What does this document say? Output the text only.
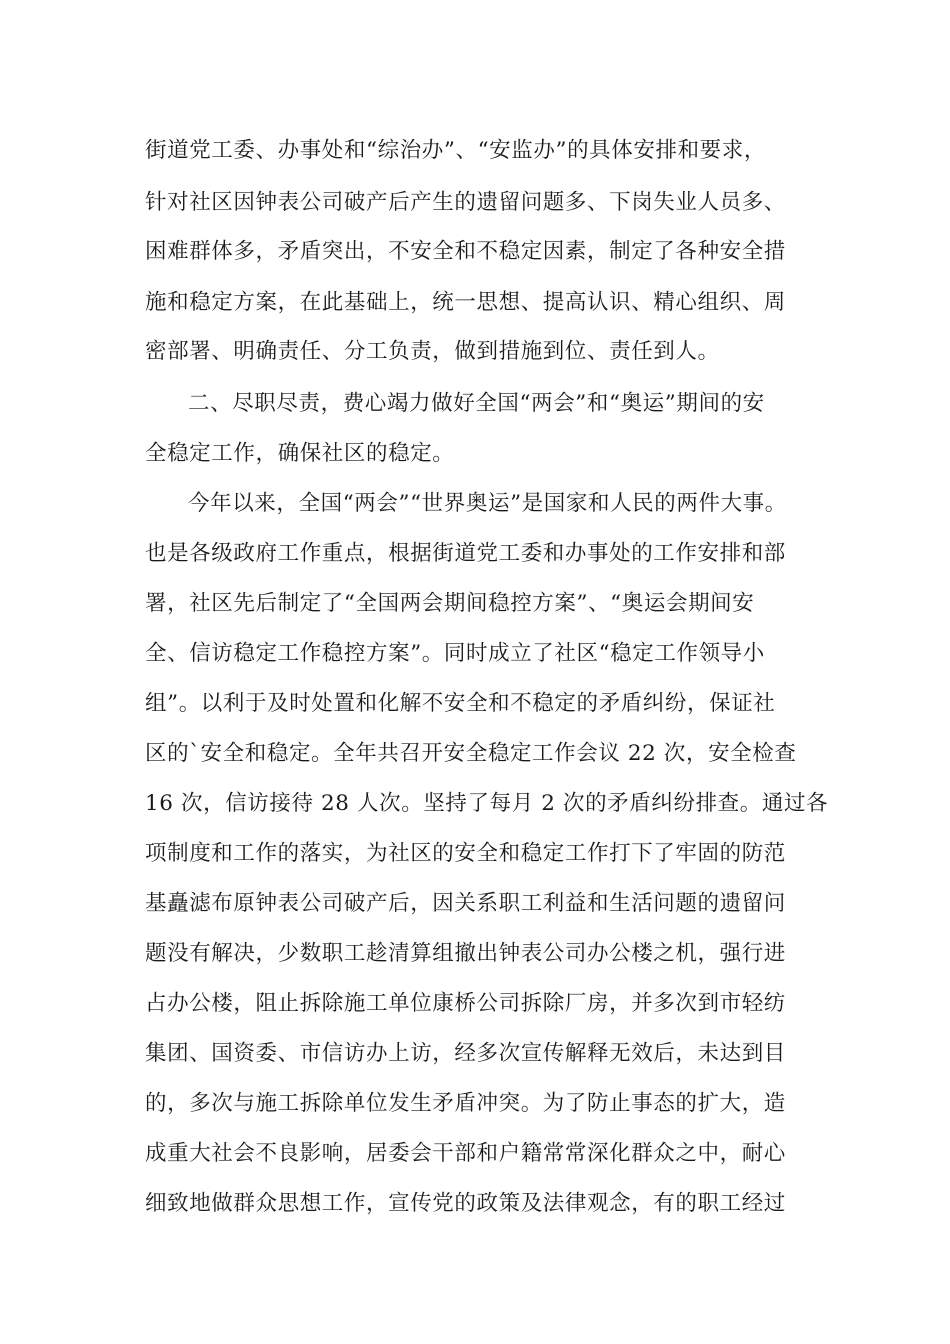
街道党工委、办事处和“综治办”、“安监办”的具体安排和要求，
针对社区因钟表公司破产后产生的遗留问题多、下岗失业人员多、
困难群体多，矛盾突出，不安全和不稳定因素，制定了各种安全措
施和稳定方案，在此基础上，统一思想、提高认识、精心组织、周
密部署、明确责任、分工负责，做到措施到位、责任到人。
二、尽职尽责，费心竭力做好全国“两会”和“奥运”期间的安
全稳定工作，确保社区的稳定。
今年以来，全国“两会”“世界奥运”是国家和人民的两件大事。
也是各级政府工作重点，根据街道党工委和办事处的工作安排和部
署，社区先后制定了“全国两会期间稳控方案”、“奥运会期间安
全、信访稳定工作稳控方案”。同时成立了社区“稳定工作领导小
组”。以利于及时处置和化解不安全和不稳定的矛盾纠纷，保证社
区的`安全和稳定。全年共召开安全稳定工作会议 22 次，安全检查
16 次，信访接待 28 人次。坚持了每月 2 次的矛盾纠纷排查。通过各
项制度和工作的落实，为社区的安全和稳定工作打下了牢固的防范
基矗滤布原钟表公司破产后，因关系职工利益和生活问题的遗留问
题没有解决，少数职工趁清算组撤出钟表公司办公楼之机，强行进
占办公楼，阻止拆除施工单位康桥公司拆除厂房，并多次到市轻纺
集团、国资委、市信访办上访，经多次宣传解释无效后，未达到目
的，多次与施工拆除单位发生矛盾冲突。为了防止事态的扩大，造
成重大社会不良影响，居委会干部和户籍常常深化群众之中，耐心
细致地做群众思想工作，宣传党的政策及法律观念，有的职工经过
